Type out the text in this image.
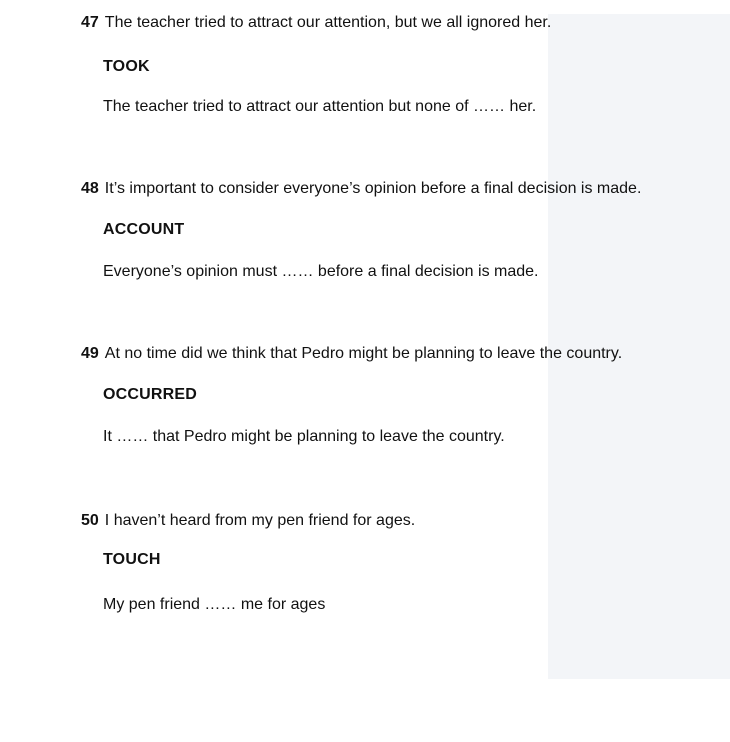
47 The teacher tried to attract our attention, but we all ignored her.
TOOK
The teacher tried to attract our attention but none of …… her.
48 It’s important to consider everyone’s opinion before a final decision is made.
ACCOUNT
Everyone’s opinion must …… before a final decision is made.
49 At no time did we think that Pedro might be planning to leave the country.
OCCURRED
It …… that Pedro might be planning to leave the country.
50 I haven’t heard from my pen friend for ages.
TOUCH
My pen friend …… me for ages
